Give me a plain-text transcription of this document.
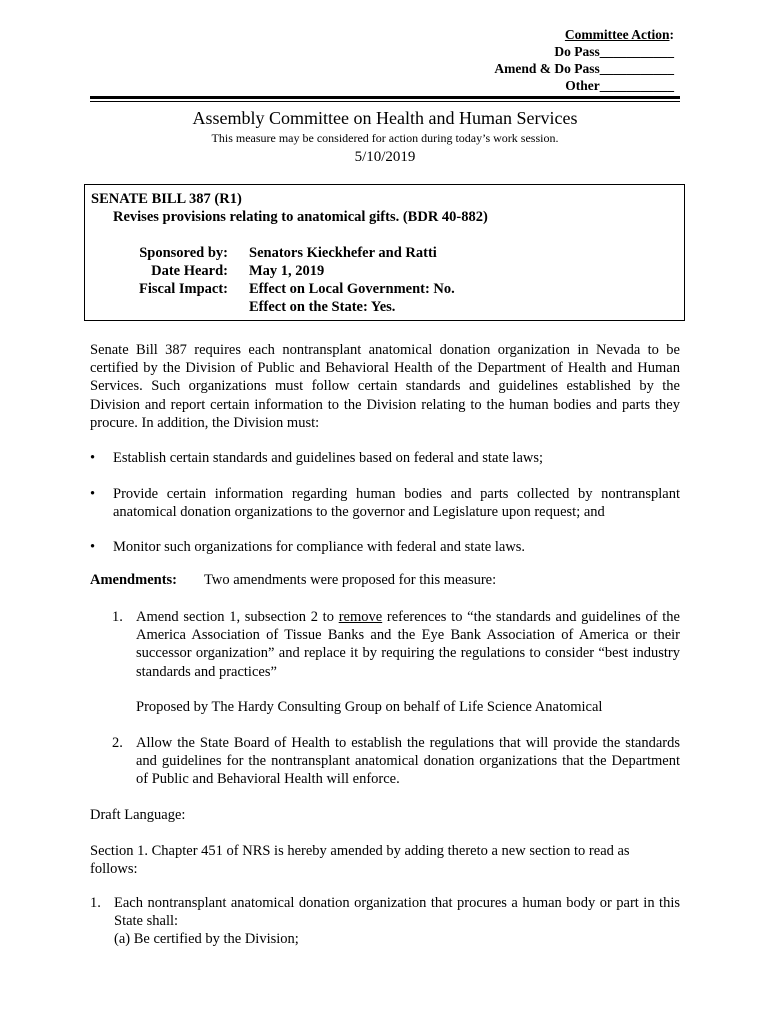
Committee Action:
Do Pass___________
Amend & Do Pass___________
Other___________
Assembly Committee on Health and Human Services
This measure may be considered for action during today’s work session.
5/10/2019
SENATE BILL 387 (R1)
Revises provisions relating to anatomical gifts. (BDR 40-882)
Sponsored by: Senators Kieckhefer and Ratti
Date Heard: May 1, 2019
Fiscal Impact: Effect on Local Government: No.
Effect on the State: Yes.
Senate Bill 387 requires each nontransplant anatomical donation organization in Nevada to be certified by the Division of Public and Behavioral Health of the Department of Health and Human Services. Such organizations must follow certain standards and guidelines established by the Division and report certain information to the Division relating to the human bodies and parts they procure. In addition, the Division must:
• Establish certain standards and guidelines based on federal and state laws;
• Provide certain information regarding human bodies and parts collected by nontransplant anatomical donation organizations to the governor and Legislature upon request; and
• Monitor such organizations for compliance with federal and state laws.
Amendments: Two amendments were proposed for this measure:
1. Amend section 1, subsection 2 to remove references to “the standards and guidelines of the America Association of Tissue Banks and the Eye Bank Association of America or their successor organization” and replace it by requiring the regulations to consider “best industry standards and practices”
Proposed by The Hardy Consulting Group on behalf of Life Science Anatomical
2. Allow the State Board of Health to establish the regulations that will provide the standards and guidelines for the nontransplant anatomical donation organizations that the Department of Public and Behavioral Health will enforce.
Draft Language:
Section 1. Chapter 451 of NRS is hereby amended by adding thereto a new section to read as follows:
1. Each nontransplant anatomical donation organization that procures a human body or part in this State shall:
(a) Be certified by the Division;
